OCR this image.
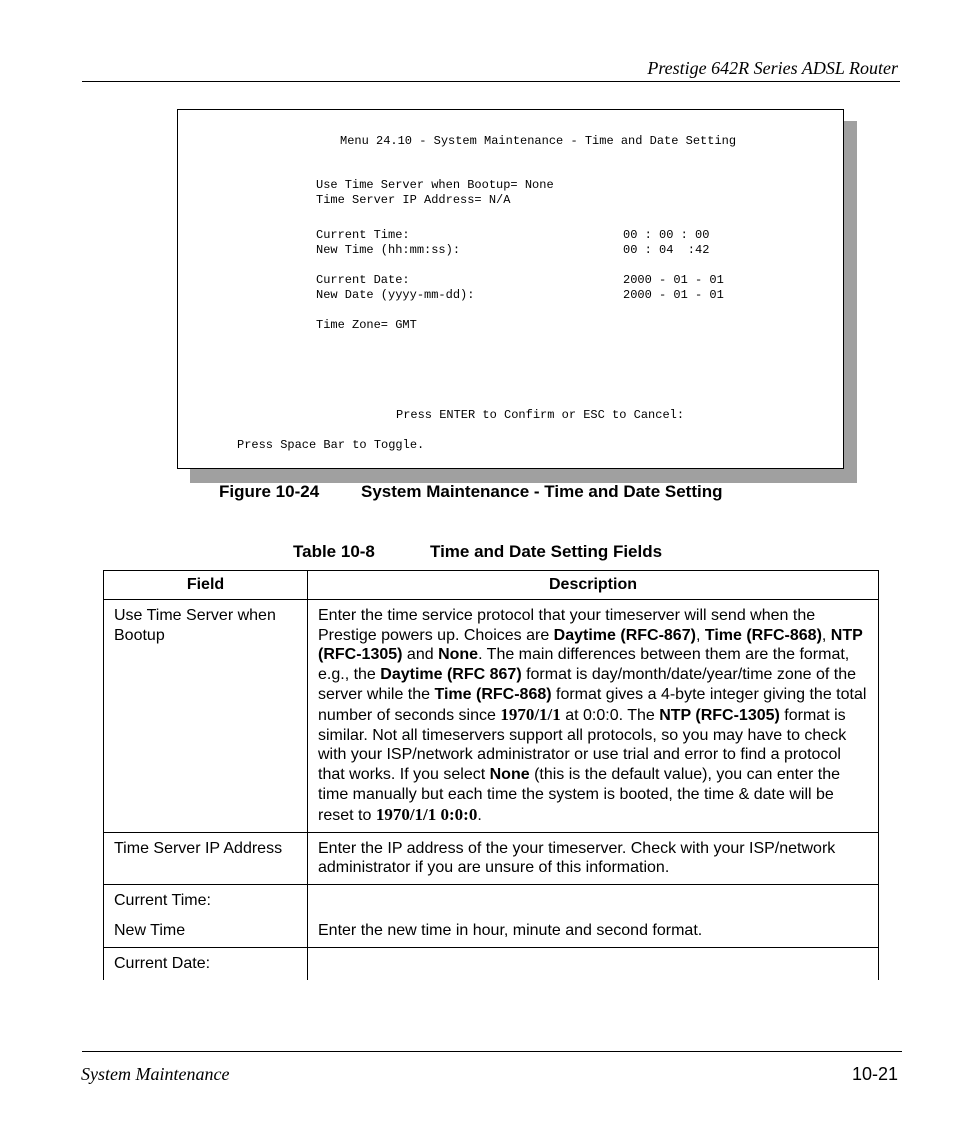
Prestige 642R Series ADSL Router
Menu 24.10 - System Maintenance - Time and Date Setting
Use Time Server when Bootup= None
Time Server IP Address= N/A
Current Time:	00 : 00 : 00
New Time (hh:mm:ss):	00 : 04  :42
Current Date:	2000 - 01 - 01
New Date (yyyy-mm-dd):	2000 - 01 - 01
Time Zone= GMT
Press ENTER to Confirm or ESC to Cancel:
Press Space Bar to Toggle.
Figure 10-24 System Maintenance - Time and Date Setting
Table 10-8	Time and Date Setting Fields
Field	Description
Use Time Server when Bootup	Enter the time service protocol that your timeserver will send when the Prestige powers up. Choices are Daytime (RFC-867), Time (RFC-868), NTP (RFC-1305) and None. The main differences between them are the format, e.g., the Daytime (RFC 867) format is day/month/date/year/time zone of the server while the Time (RFC-868) format gives a 4-byte integer giving the total number of seconds since 1970/1/1 at 0:0:0. The NTP (RFC-1305) format is similar. Not all timeservers support all protocols, so you may have to check with your ISP/network administrator or use trial and error to find a protocol that works. If you select None (this is the default value), you can enter the time manually but each time the system is booted, the time & date will be reset to 1970/1/1 0:0:0.
Time Server IP Address	Enter the IP address of the your timeserver. Check with your ISP/network administrator if you are unsure of this information.

Current Time:
New Time	Enter the new time in hour, minute and second format.

Current Date:	
System Maintenance	10-21
